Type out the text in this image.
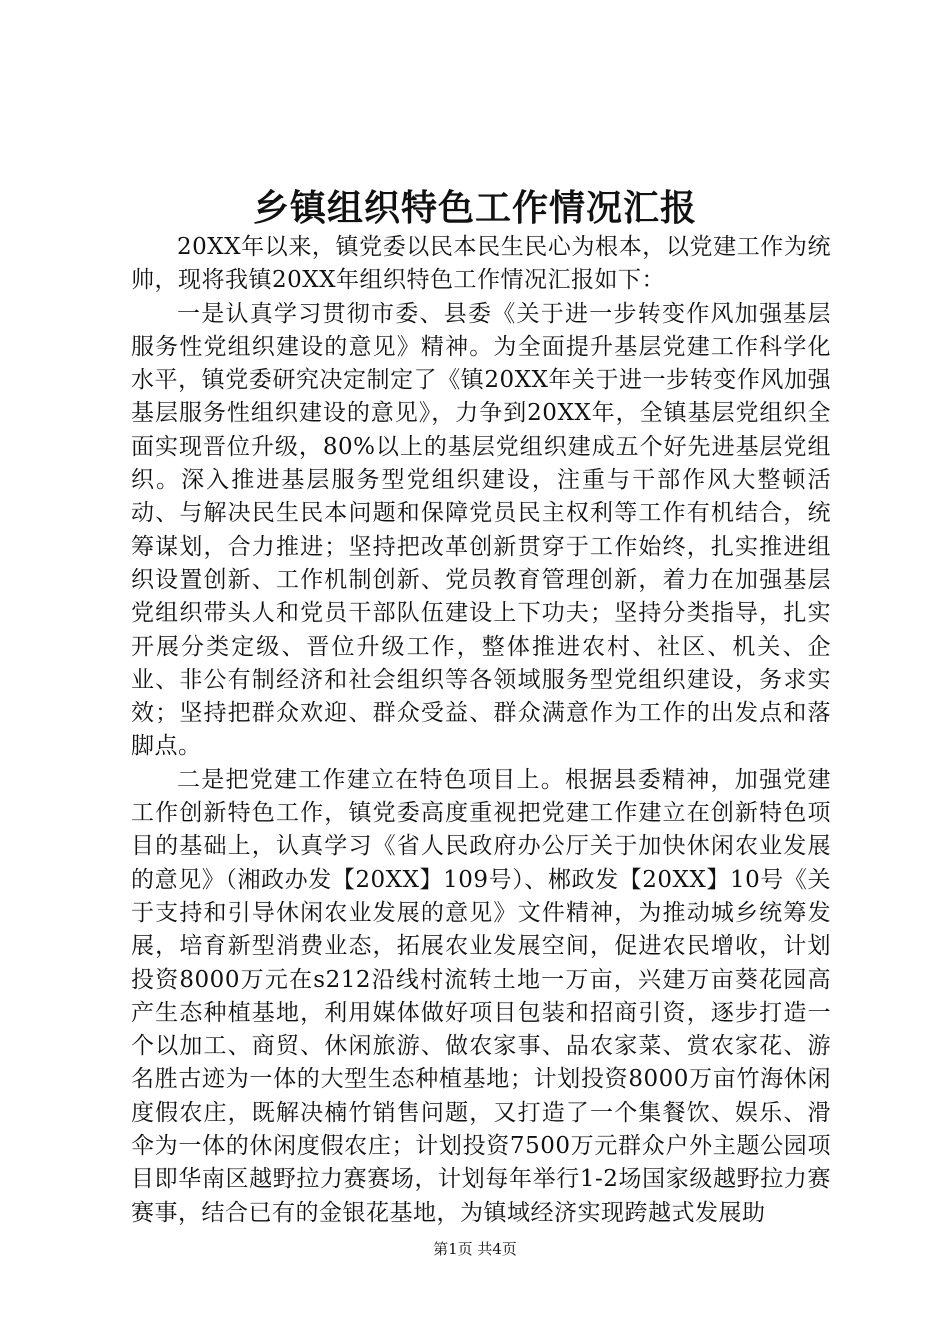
乡镇组织特色工作情况汇报

20XX年以来，镇党委以民本民生民心为根本，以党建工作为统帅，现将我镇20XX年组织特色工作情况汇报如下：

一是认真学习贯彻市委、县委《关于进一步转变作风加强基层服务性党组织建设的意见》精神。为全面提升基层党建工作科学化水平，镇党委研究决定制定了《镇20XX年关于进一步转变作风加强基层服务性组织建设的意见》，力争到20XX年，全镇基层党组织全面实现晋位升级，80%以上的基层党组织建成五个好先进基层党组织。深入推进基层服务型党组织建设，注重与干部作风大整顿活动、与解决民生民本问题和保障党员民主权利等工作有机结合，统筹谋划，合力推进；坚持把改革创新贯穿于工作始终，扎实推进组织设置创新、工作机制创新、党员教育管理创新，着力在加强基层党组织带头人和党员干部队伍建设上下功夫；坚持分类指导，扎实开展分类定级、晋位升级工作，整体推进农村、社区、机关、企业、非公有制经济和社会组织等各领域服务型党组织建设，务求实效；坚持把群众欢迎、群众受益、群众满意作为工作的出发点和落脚点。

二是把党建工作建立在特色项目上。根据县委精神，加强党建工作创新特色工作，镇党委高度重视把党建工作建立在创新特色项目的基础上，认真学习《省人民政府办公厅关于加快休闲农业发展的意见》（湘政办发【20XX】109号）、郴政发【20XX】10号《关于支持和引导休闲农业发展的意见》文件精神，为推动城乡统筹发展，培育新型消费业态，拓展农业发展空间，促进农民增收，计划投资8000万元在s212沿线村流转土地一万亩，兴建万亩葵花园高产生态种植基地，利用媒体做好项目包装和招商引资，逐步打造一个以加工、商贸、休闲旅游、做农家事、品农家菜、赏农家花、游名胜古迹为一体的大型生态种植基地；计划投资8000万亩竹海休闲度假农庄，既解决楠竹销售问题，又打造了一个集餐饮、娱乐、滑伞为一体的休闲度假农庄；计划投资7500万元群众户外主题公园项目即华南区越野拉力赛赛场，计划每年举行1-2场国家级越野拉力赛赛事，结合已有的金银花基地，为镇域经济实现跨越式发展助

第1页 共4页
